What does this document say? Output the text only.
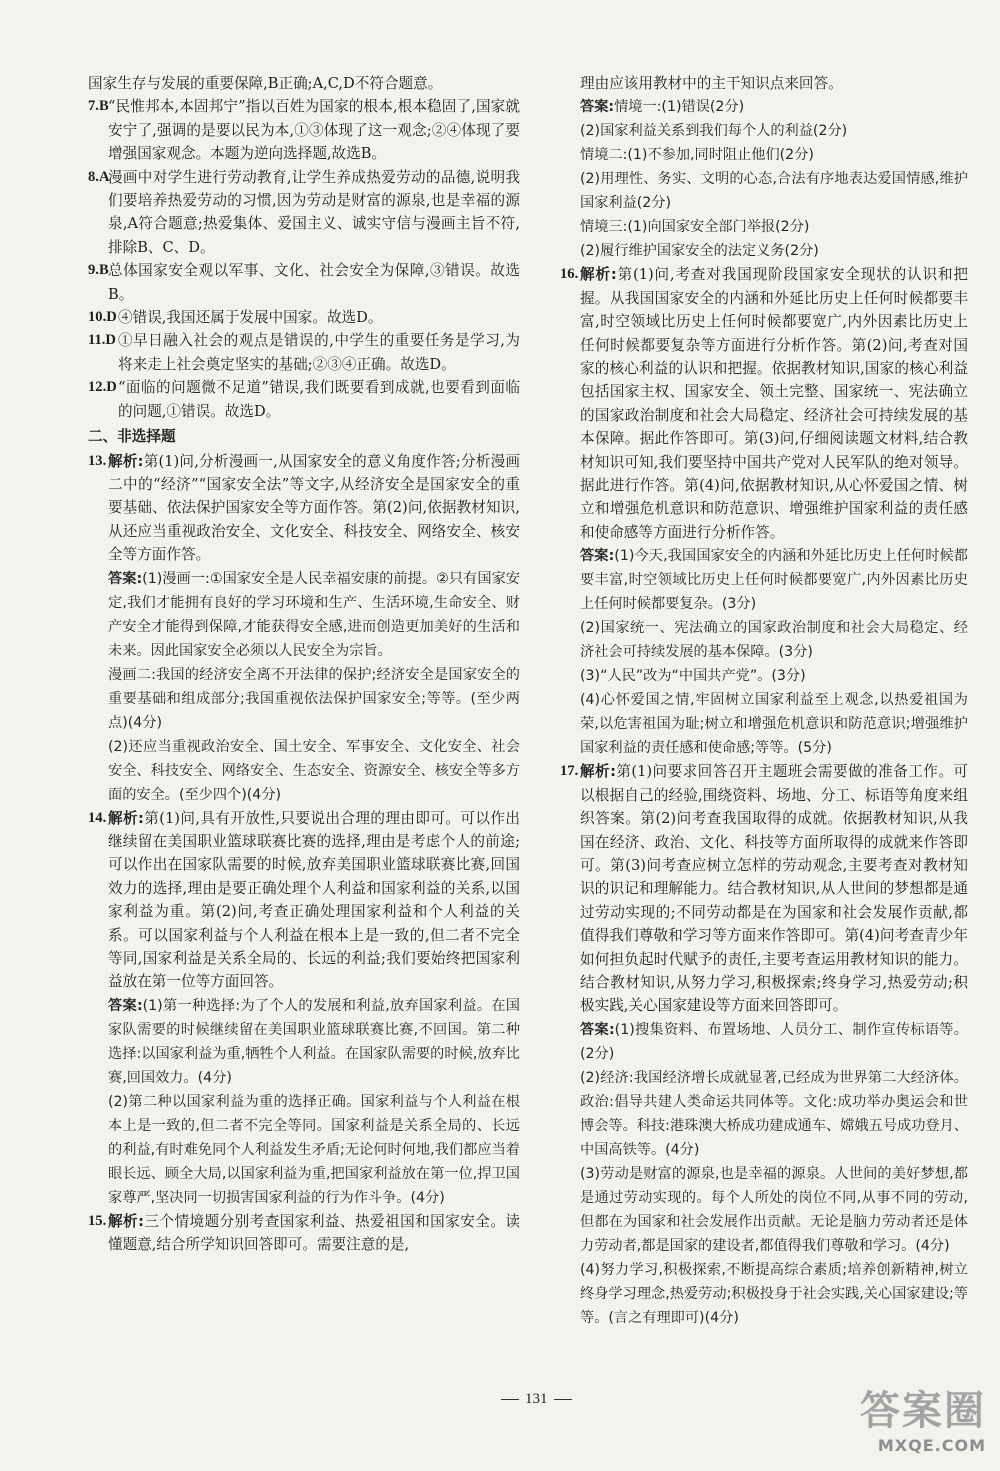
国家生存与发展的重要保障,B正确;A,C,D不符合题意。

7.B “民惟邦本,本固邦宁”指以百姓为国家的根本,根本稳固了,国家就安宁了,强调的是要以民为本,①③体现了这一观念;②④体现了要增强国家观念。本题为逆向选择题,故选B。

8.A
漫画中对学生进行劳动教育,让学生养成热爱劳动的品德,说明我们要培养热爱劳动的习惯,因为劳动是财富的源泉,也是幸福的源泉,A符合题意;热爱集体、爱国主义、诚实守信与漫画主旨不符,排除B、C、D。

9.B 总体国家安全观以军事、文化、社会安全为保障,③错误。故选B。

10.D ④错误,我国还属于发展中国家。故选D。

11.D ①早日融入社会的观点是错误的,中学生的重要任务是学习,为将来走上社会奠定坚实的基础;②③④正确。故选D。

12.D “面临的问题微不足道”错误,我们既要看到成就,也要看到面临的问题,①错误。故选D。

二、非选择题
13. 解析:第(1)问,分析漫画一,从国家安全的意义角度作答;分析漫画二中的“经济”“国家安全法”等文字,从经济安全是国家安全的重要基础、依法保护国家安全等方面作答。第(2)问,依据教材知识,从还应当重视政治安全、文化安全、科技安全、网络安全、核安全等方面作答。

答案:(1)漫画一:①国家安全是人民幸福安康的前提。②只有国家安定,我们才能拥有良好的学习环境和生产、生活环境,生命安全、财产安全才能得到保障,才能获得安全感,进而创造更加美好的生活和未来。因此国家安全必须以人民安全为宗旨。

漫画二:我国的经济安全离不开法律的保护;经济安全是国家安全的重要基础和组成部分;我国重视依法保护国家安全;等等。(至少两点)(4分)

(2)还应当重视政治安全、国土安全、军事安全、文化安全、社会安全、科技安全、网络安全、生态安全、资源安全、核安全等多方面的安全。(至少四个)(4分)

14. 解析:第(1)问,具有开放性,只要说出合理的理由即可。可以作出继续留在美国职业篮球联赛比赛的选择,理由是考虑个人的前途;可以作出在国家队需要的时候,放弃美国职业篮球联赛比赛,回国效力的选择,理由是要正确处理个人利益和国家利益的关系,以国家利益为重。第(2)问,考查正确处理国家利益和个人利益的关系。可以国家利益与个人利益在根本上是一致的,但二者不完全等同,国家利益是关系全局的、长远的利益;我们要始终把国家利益放在第一位等方面回答。

答案:(1)第一种选择:为了个人的发展和利益,放弃国家利益。在国家队需要的时候继续留在美国职业篮球联赛比赛,不回国。第二种选择:以国家利益为重,牺牲个人利益。在国家队需要的时候,放弃比赛,回国效力。(4分)

(2)第二种以国家利益为重的选择正确。国家利益与个人利益在根本上是一致的,但二者不完全等同。国家利益是关系全局的、长远的利益,有时难免同个人利益发生矛盾;无论何时何地,我们都应当着眼长远、顾全大局,以国家利益为重,把国家利益放在第一位,捍卫国家尊严,坚决同一切损害国家利益的行为作斗争。(4分)

15. 解析:三个情境题分别考查国家利益、热爱祖国和国家安全。读懂题意,结合所学知识回答即可。需要注意的是,

理由应该用教材中的主干知识点来回答。

答案:情境一:(1)错误(2分)

(2)国家利益关系到我们每个人的利益(2分)

情境二:(1)不参加,同时阻止他们(2分)

(2)用理性、务实、文明的心态,合法有序地表达爱国情感,维护国家利益(2分)

情境三:(1)向国家安全部门举报(2分)

(2)履行维护国家安全的法定义务(2分)

16. 解析:第(1)问,考查对我国现阶段国家安全现状的认识和把握。从我国国家安全的内涵和外延比历史上任何时候都要丰富,时空领域比历史上任何时候都要宽广,内外因素比历史上任何时候都要复杂等方面进行分析作答。第(2)问,考查对国家的核心利益的认识和把握。依据教材知识,国家的核心利益包括国家主权、国家安全、领土完整、国家统一、宪法确立的国家政治制度和社会大局稳定、经济社会可持续发展的基本保障。据此作答即可。第(3)问,仔细阅读题文材料,结合教材知识可知,我们要坚持中国共产党对人民军队的绝对领导。据此进行作答。第(4)问,依据教材知识,从心怀爱国之情、树立和增强危机意识和防范意识、增强维护国家利益的责任感和使命感等方面进行分析作答。

答案:(1)今天,我国国家安全的内涵和外延比历史上任何时候都要丰富,时空领域比历史上任何时候都要宽广,内外因素比历史上任何时候都要复杂。(3分)

(2)国家统一、宪法确立的国家政治制度和社会大局稳定、经济社会可持续发展的基本保障。(3分)

(3)“人民”改为“中国共产党”。(3分)

(4)心怀爱国之情,牢固树立国家利益至上观念,以热爱祖国为荣,以危害祖国为耻;树立和增强危机意识和防范意识;增强维护国家利益的责任感和使命感;等等。(5分)

17. 解析:第(1)问要求回答召开主题班会需要做的准备工作。可以根据自己的经验,围绕资料、场地、分工、标语等角度来组织答案。第(2)问考查我国取得的成就。依据教材知识,从我国在经济、政治、文化、科技等方面所取得的成就来作答即可。第(3)问考查应树立怎样的劳动观念,主要考查对教材知识的识记和理解能力。结合教材知识,从人世间的梦想都是通过劳动实现的;不同劳动都是在为国家和社会发展作贡献,都值得我们尊敬和学习等方面来作答即可。第(4)问考查青少年如何担负起时代赋予的责任,主要考查运用教材知识的能力。结合教材知识,从努力学习,积极探索;终身学习,热爱劳动;积极实践,关心国家建设等方面来回答即可。

答案:(1)搜集资料、布置场地、人员分工、制作宣传标语等。(2分)

(2)经济:我国经济增长成就显著,已经成为世界第二大经济体。政治:倡导共建人类命运共同体等。文化:成功举办奥运会和世博会等。科技:港珠澳大桥成功建成通车、嫦娥五号成功登月、中国高铁等。(4分)

(3)劳动是财富的源泉,也是幸福的源泉。人世间的美好梦想,都是通过劳动实现的。每个人所处的岗位不同,从事不同的劳动,但都在为国家和社会发展作出贡献。无论是脑力劳动者还是体力劳动者,都是国家的建设者,都值得我们尊敬和学习。(4分)

(4)努力学习,积极探索,不断提高综合素质;培养创新精神,树立终身学习理念,热爱劳动;积极投身于社会实践,关心国家建设;等等。(言之有理即可)(4分)

131	答案圈
MXQE.COM
